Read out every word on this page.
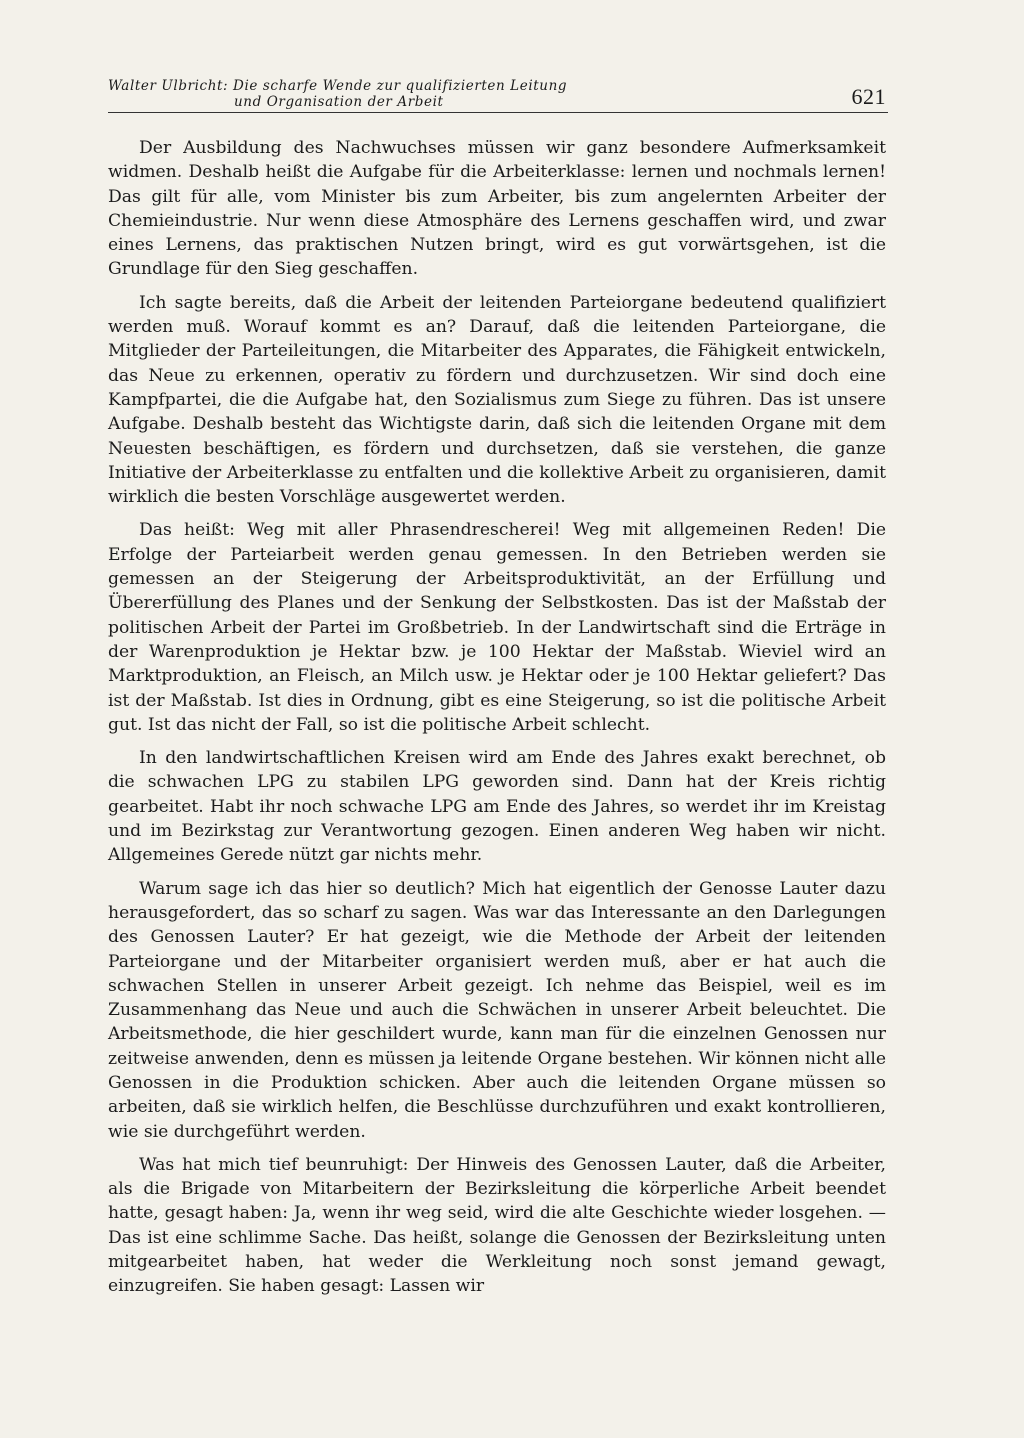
Walter Ulbricht: Die scharfe Wende zur qualifizierten Leitung
und Organisation der Arbeit	621

Der Ausbildung des Nachwuchses müssen wir ganz besondere Aufmerksamkeit widmen. Deshalb heißt die Aufgabe für die Arbeiterklasse: lernen und nochmals lernen! Das gilt für alle, vom Minister bis zum Arbeiter, bis zum angelernten Arbeiter der Chemieindustrie. Nur wenn diese Atmosphäre des Lernens geschaffen wird, und zwar eines Lernens, das praktischen Nutzen bringt, wird es gut vorwärtsgehen, ist die Grundlage für den Sieg geschaffen.

Ich sagte bereits, daß die Arbeit der leitenden Parteiorgane bedeutend qualifiziert werden muß. Worauf kommt es an? Darauf, daß die leitenden Parteiorgane, die Mitglieder der Parteileitungen, die Mitarbeiter des Apparates, die Fähigkeit entwickeln, das Neue zu erkennen, operativ zu fördern und durchzusetzen. Wir sind doch eine Kampfpartei, die die Aufgabe hat, den Sozialismus zum Siege zu führen. Das ist unsere Aufgabe. Deshalb besteht das Wichtigste darin, daß sich die leitenden Organe mit dem Neuesten beschäftigen, es fördern und durchsetzen, daß sie verstehen, die ganze Initiative der Arbeiterklasse zu entfalten und die kollektive Arbeit zu organisieren, damit wirklich die besten Vorschläge ausgewertet werden.

Das heißt: Weg mit aller Phrasendrescherei! Weg mit allgemeinen Reden! Die Erfolge der Parteiarbeit werden genau gemessen. In den Betrieben werden sie gemessen an der Steigerung der Arbeitsproduktivität, an der Erfüllung und Übererfüllung des Planes und der Senkung der Selbstkosten. Das ist der Maßstab der politischen Arbeit der Partei im Großbetrieb. In der Landwirtschaft sind die Erträge in der Warenproduktion je Hektar bzw. je 100 Hektar der Maßstab. Wieviel wird an Marktproduktion, an Fleisch, an Milch usw. je Hektar oder je 100 Hektar geliefert? Das ist der Maßstab. Ist dies in Ordnung, gibt es eine Steigerung, so ist die politische Arbeit gut. Ist das nicht der Fall, so ist die politische Arbeit schlecht.

In den landwirtschaftlichen Kreisen wird am Ende des Jahres exakt berechnet, ob die schwachen LPG zu stabilen LPG geworden sind. Dann hat der Kreis richtig gearbeitet. Habt ihr noch schwache LPG am Ende des Jahres, so werdet ihr im Kreistag und im Bezirkstag zur Verantwortung gezogen. Einen anderen Weg haben wir nicht. Allgemeines Gerede nützt gar nichts mehr.

Warum sage ich das hier so deutlich? Mich hat eigentlich der Genosse Lauter dazu herausgefordert, das so scharf zu sagen. Was war das Interessante an den Darlegungen des Genossen Lauter? Er hat gezeigt, wie die Methode der Arbeit der leitenden Parteiorgane und der Mitarbeiter organisiert werden muß, aber er hat auch die schwachen Stellen in unserer Arbeit gezeigt. Ich nehme das Beispiel, weil es im Zusammenhang das Neue und auch die Schwächen in unserer Arbeit beleuchtet. Die Arbeitsmethode, die hier geschildert wurde, kann man für die einzelnen Genossen nur zeitweise anwenden, denn es müssen ja leitende Organe bestehen. Wir können nicht alle Genossen in die Produktion schicken. Aber auch die leitenden Organe müssen so arbeiten, daß sie wirklich helfen, die Beschlüsse durchzuführen und exakt kontrollieren, wie sie durchgeführt werden.

Was hat mich tief beunruhigt: Der Hinweis des Genossen Lauter, daß die Arbeiter, als die Brigade von Mitarbeitern der Bezirksleitung die körperliche Arbeit beendet hatte, gesagt haben: Ja, wenn ihr weg seid, wird die alte Geschichte wieder losgehen. — Das ist eine schlimme Sache. Das heißt, solange die Genossen der Bezirksleitung unten mitgearbeitet haben, hat weder die Werkleitung noch sonst jemand gewagt, einzugreifen. Sie haben gesagt: Lassen wir
